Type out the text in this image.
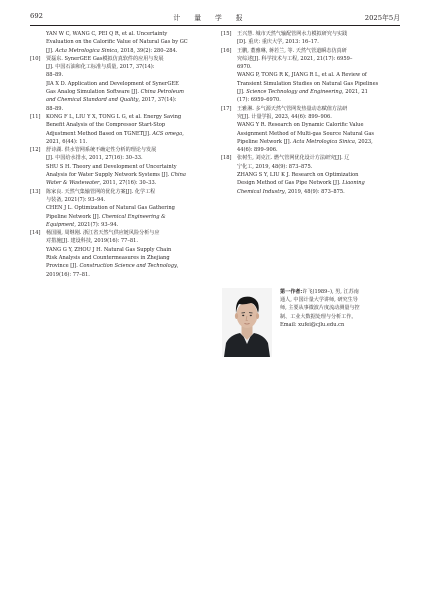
692	计量学报	2025年5月
YAN W C, WANG C, PEI Q R, et al. Uncertainty
Evaluation on the Calorific Value of Natural Gas by GC
[J]. Acta Metrologica Sinica, 2018, 39(2): 280–284.
[10] 贾磊东. SynerGEE Gas模拟仿真软件的应用与发展
[J]. 中国石油和化工标准与质量, 2017, 37(14):
88–89.
JIA X D. Application and Development of SynerGEE
Gas Analog Simulation Software [J]. China Petroleum
and Chemical Standard and Quality, 2017, 37(14):
88–89.
[11] KONG F L, LIU Y X, TONG L G, et al. Energy Saving
Benefit Analysis of the Compressor Start-Stop
Adjustment Method Based on TGNET[J]. ACS omega,
2021, 6(44): 11.
[12] 舒诗湖. 供水管网系统不确定性分析的理论与发展
[J]. 中国给水排水, 2011, 27(16): 30–33.
SHU S H. Theory and Development of Uncertainty
Analysis for Water Supply Network Systems [J]. China
Water & Wastewater, 2011, 27(16): 30–33.
[13] 陈家良. 天然气集输管网的优化方案[J]. 化学工程
与装备, 2021(7): 93–94.
CHEN J L. Optimization of Natural Gas Gathering
Pipeline Network [J]. Chemical Engineering &
Equipment, 2021(7): 93–94.
[14] 杨国圈, 周继刚. 浙江省天然气供应链风险分析与应
对措施[J]. 建设科技, 2019(16): 77–81.
YANG G Y, ZHOU J H. Natural Gas Supply Chain
Risk Analysis and Countermeasures in Zhejiang
Province [J]. Construction Science and Technology,
2019(16): 77–81.
[15] 王兴慧. 城市天然气输配管网水力模拟研究与实践
[D]. 重庆: 重庆大学, 2013: 16–17.
[16] 王鹏, 董雅琳, 蒋若兰, 等. 天然气管道瞬态仿真研
究综述[J]. 科学技术与工程, 2021, 21(17): 6959–
6970.
WANG P, TONG R K, JIANG R L, et al. A Review of
Transient Simulation Studies on Natural Gas Pipelines
[J]. Science Technology and Engineering, 2021, 21
(17): 6959–6970.
[17] 王雅淋. 多气源天然气管网发热量动态赋值方法研
究[J]. 计量学报, 2023, 44(6): 899–906.
WANG Y R. Research on Dynamic Calorific Value
Assignment Method of Multi-gas Source Natural Gas
Pipeline Network [J]. Acta Metrologica Sinica, 2023,
44(6): 899–906.
[18] 张树生, 刘克江. 燃气管网优化设计方法研究[J]. 辽
宁化工, 2019, 48(9): 873–875.
ZHANG S Y, LIU K J. Research on Optimization
Design Method of Gas Pipe Network [J]. Liaoning
Chemical Industry, 2019, 48(9): 873–875.
第一作者:许飞(1989–), 男, 江苏南
通人, 中国计量大学讲师, 研究生导
师, 主要从事微波片度流动测量与控
制、工业大数据处理与分析工作。
Email: xufei@cjlu.edu.cn
